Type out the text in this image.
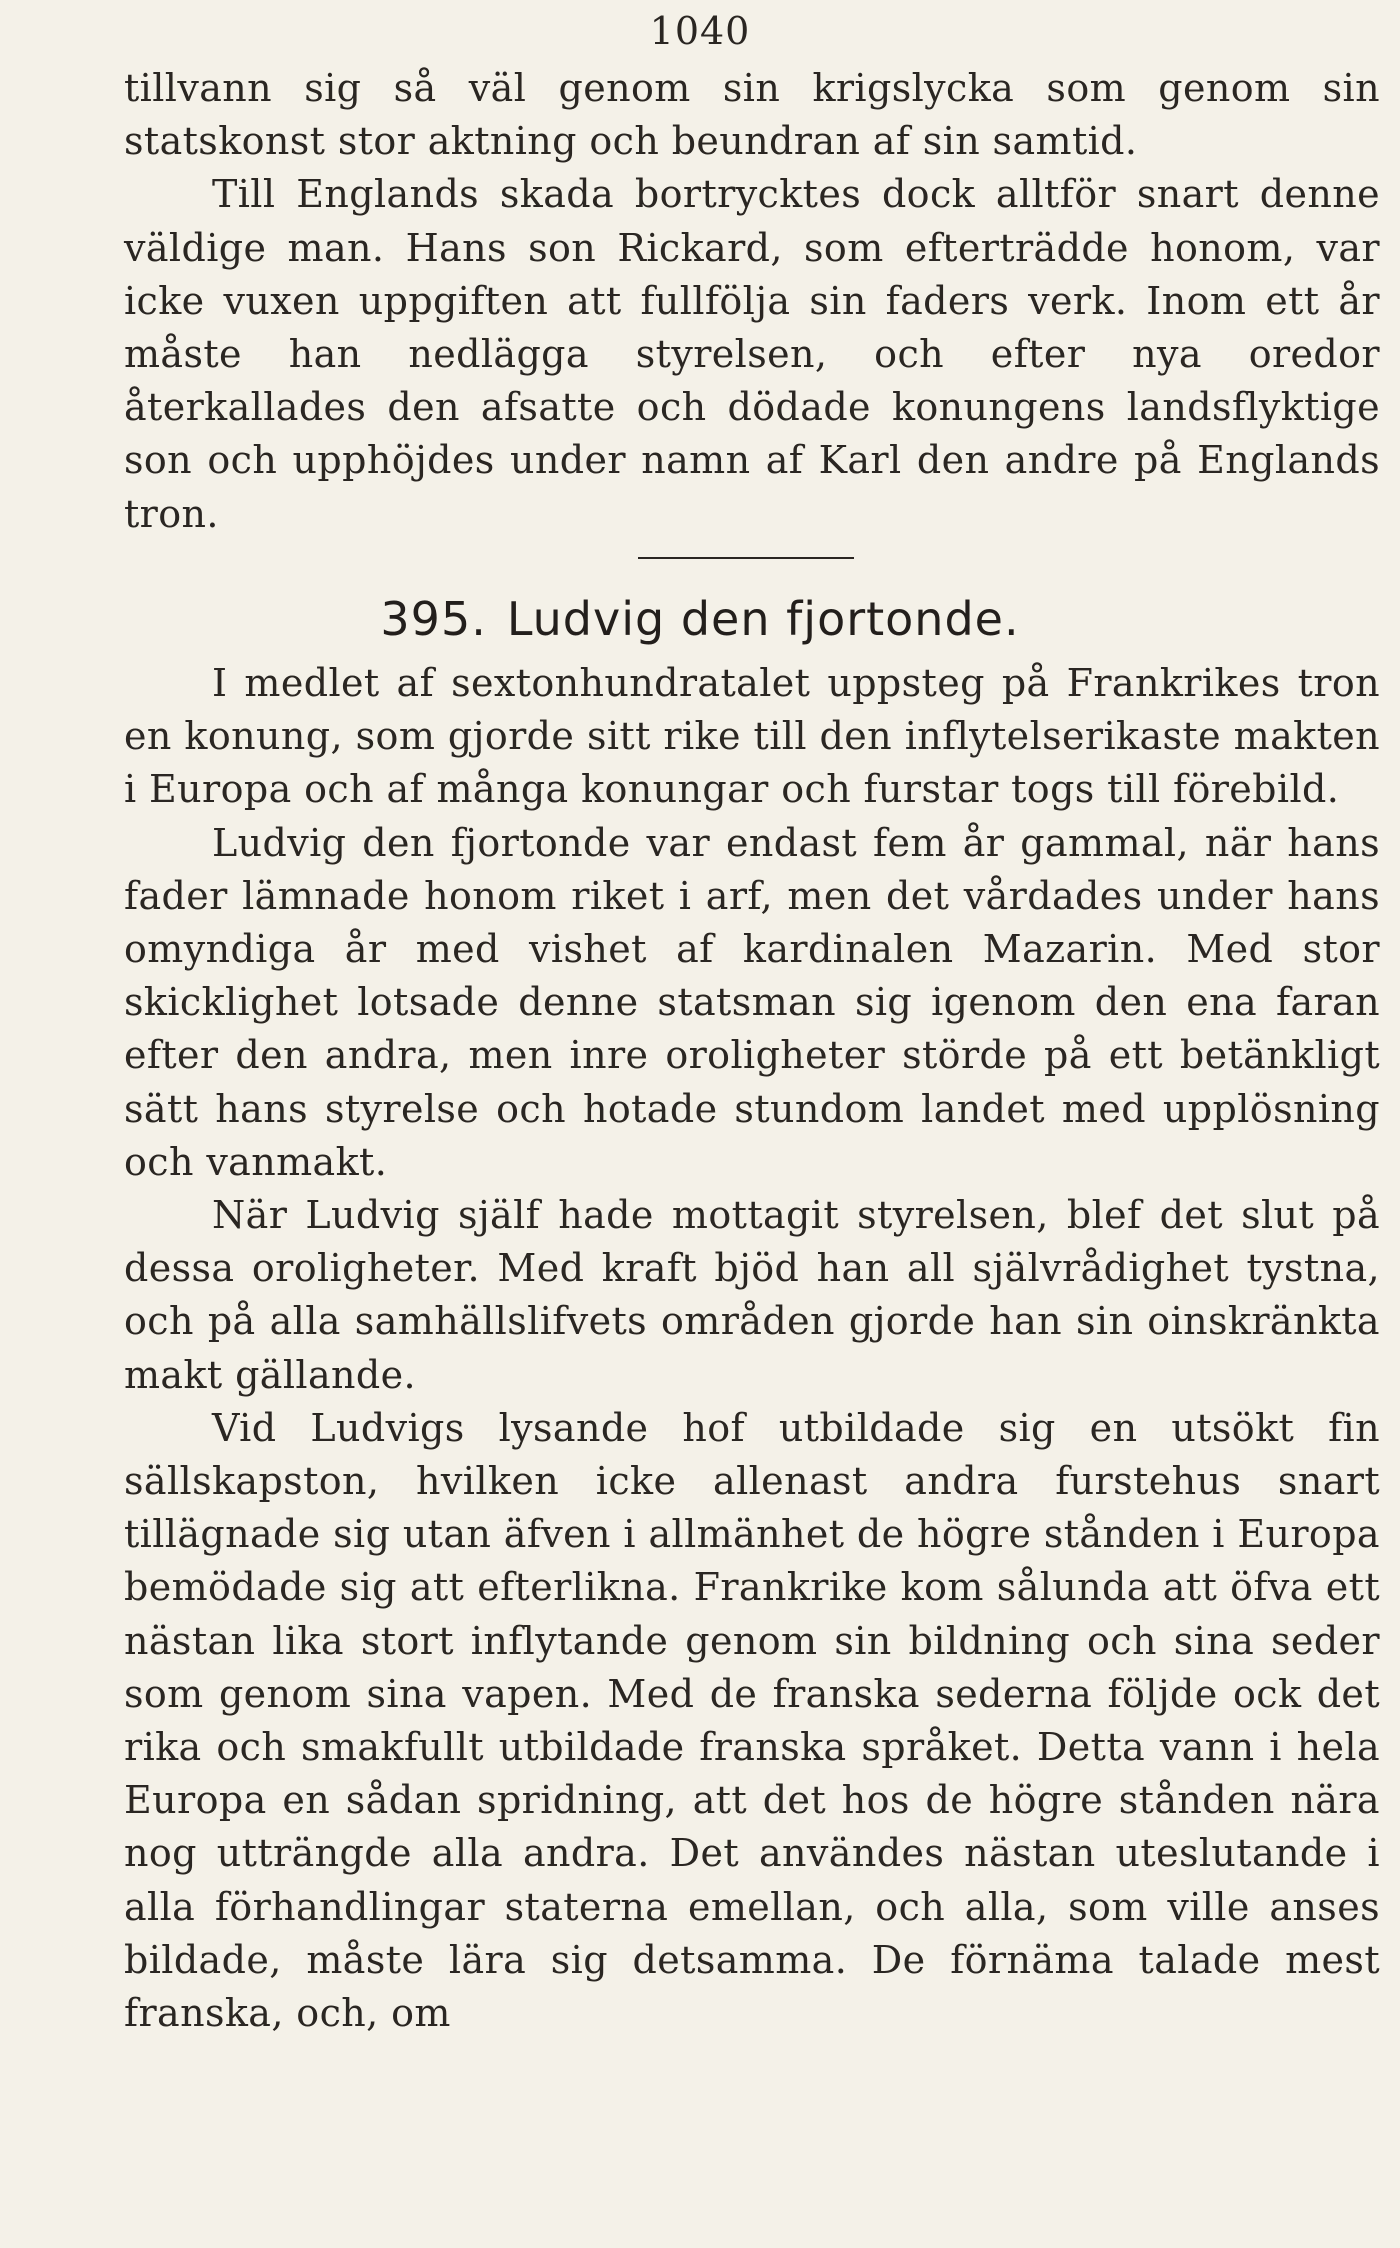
1040

tillvann sig så väl genom sin krigslycka som genom sin statskonst stor aktning och beundran af sin samtid.

Till Englands skada bortrycktes dock alltför snart denne väldige man. Hans son Rickard, som efterträdde honom, var icke vuxen uppgiften att fullfölja sin faders verk. Inom ett år måste han nedlägga styrelsen, och efter nya oredor återkallades den afsatte och dödade konungens landsflyktige son och upphöjdes under namn af Karl den andre på Englands tron.

395. Ludvig den fjortonde.

I medlet af sextonhundratalet uppsteg på Frankrikes tron en konung, som gjorde sitt rike till den inflytelserikaste makten i Europa och af många konungar och furstar togs till förebild.

Ludvig den fjortonde var endast fem år gammal, när hans fader lämnade honom riket i arf, men det vårdades under hans omyndiga år med vishet af kardinalen Mazarin. Med stor skicklighet lotsade denne statsman sig igenom den ena faran efter den andra, men inre oroligheter störde på ett betänkligt sätt hans styrelse och hotade stundom landet med upplösning och vanmakt.

När Ludvig själf hade mottagit styrelsen, blef det slut på dessa oroligheter. Med kraft bjöd han all självrådighet tystna, och på alla samhällslifvets områden gjorde han sin oinskränkta makt gällande.

Vid Ludvigs lysande hof utbildade sig en utsökt fin sällskapston, hvilken icke allenast andra furstehus snart tillägnade sig utan äfven i allmänhet de högre stånden i Europa bemödade sig att efterlikna. Frankrike kom sålunda att öfva ett nästan lika stort inflytande genom sin bildning och sina seder som genom sina vapen. Med de franska sederna följde ock det rika och smakfullt utbildade franska språket. Detta vann i hela Europa en sådan spridning, att det hos de högre stånden nära nog utträngde alla andra. Det användes nästan uteslutande i alla förhandlingar staterna emellan, och alla, som ville anses bildade, måste lära sig detsamma. De förnäma talade mest franska, och, om
